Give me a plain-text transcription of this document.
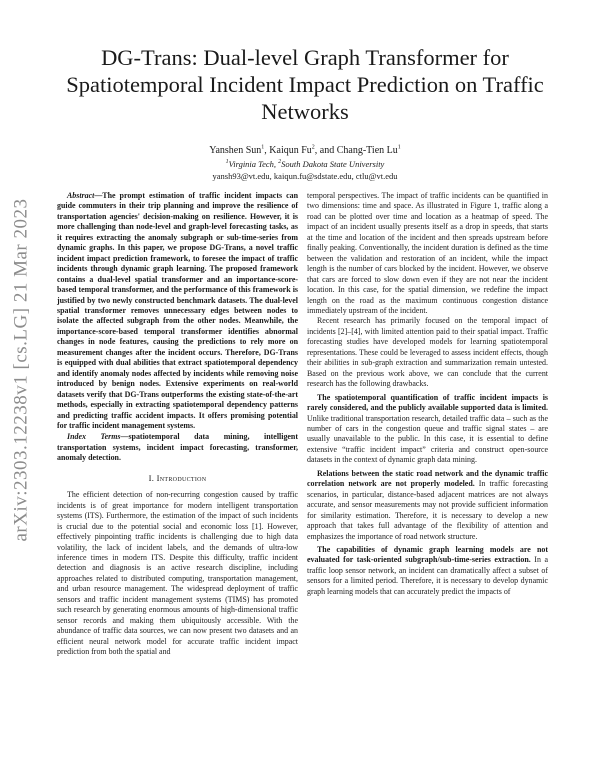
arXiv:2303.12238v1 [cs.LG] 21 Mar 2023
DG-Trans: Dual-level Graph Transformer for Spatiotemporal Incident Impact Prediction on Traffic Networks
Yanshen Sun$^1$, Kaiqun Fu$^2$, and Chang-Tien Lu$^1$
$^1$Virginia Tech, $^2$South Dakota State University
yansh93@vt.edu, kaiqun.fu@sdstate.edu, ctlu@vt.edu

Abstract—The prompt estimation of traffic incident impacts can guide commuters in their trip planning and improve the resilience of transportation agencies' decision-making on resilience. However, it is more challenging than node-level and graph-level forecasting tasks, as it requires extracting the anomaly subgraph or sub-time-series from dynamic graphs. In this paper, we propose DG-Trans, a novel traffic incident impact prediction framework, to foresee the impact of traffic incidents through dynamic graph learning. The proposed framework contains a dual-level spatial transformer and an importance-score-based temporal transformer, and the performance of this framework is justified by two newly constructed benchmark datasets. The dual-level spatial transformer removes unnecessary edges between nodes to isolate the affected subgraph from the other nodes. Meanwhile, the importance-score-based temporal transformer identifies abnormal changes in node features, causing the predictions to rely more on measurement changes after the incident occurs. Therefore, DG-Trans is equipped with dual abilities that extract spatiotemporal dependency and identify anomaly nodes affected by incidents while removing noise introduced by benign nodes. Extensive experiments on real-world datasets verify that DG-Trans outperforms the existing state-of-the-art methods, especially in extracting spatiotemporal dependency patterns and predicting traffic accident impacts. It offers promising potential for traffic incident management systems.

Index Terms—spatiotemporal data mining, intelligent transportation systems, incident impact forecasting, transformer, anomaly detection.

I. Introduction

The efficient detection of non-recurring congestion caused by traffic incidents is of great importance for modern intelligent transportation systems (ITS). Furthermore, the estimation of the impact of such incidents is crucial due to the potential social and economic loss [1]. However, effectively pinpointing traffic incidents is challenging due to high data volatility, the lack of incident labels, and the demands of ultra-low inference times in modern ITS. Despite this difficulty, traffic incident detection and diagnosis is an active research discipline, including approaches related to distributed computing, transportation management, and urban resource management. The widespread deployment of traffic sensors and traffic incident management systems (TIMS) has promoted such research by generating enormous amounts of high-dimensional traffic sensor records and making them ubiquitously accessible. With the abundance of traffic data sources, we can now present two datasets and an efficient neural network model for accurate traffic incident impact prediction from both the spatial and

temporal perspectives. The impact of traffic incidents can be quantified in two dimensions: time and space. As illustrated in Figure 1, traffic along a road can be plotted over time and location as a heatmap of speed. The impact of an incident usually presents itself as a drop in speeds, that starts at the time and location of the incident and then spreads upstream before finally peaking. Conventionally, the incident duration is defined as the time between the validation and restoration of an incident, while the impact length is the number of cars blocked by the incident. However, we observe that cars are forced to slow down even if they are not near the incident location. In this case, for the spatial dimension, we redefine the impact length on the road as the maximum continuous congestion distance immediately upstream of the incident.

Recent research has primarily focused on the temporal impact of incidents [2]–[4], with limited attention paid to their spatial impact. Traffic forecasting studies have developed models for learning spatiotemporal representations. These could be leveraged to assess incident effects, though their abilities in sub-graph extraction and summarization remain untested. Based on the previous work above, we can conclude that the current research has the following drawbacks.

The spatiotemporal quantification of traffic incident impacts is rarely considered, and the publicly available supported data is limited. Unlike traditional transportation research, detailed traffic data – such as the number of cars in the congestion queue and traffic signal states – are usually unavailable to the public. In this case, it is essential to define extensive “traffic incident impact” criteria and construct open-source datasets in the context of dynamic graph data mining.

Relations between the static road network and the dynamic traffic correlation network are not properly modeled. In traffic forecasting scenarios, in particular, distance-based adjacent matrices are not always accurate, and sensor measurements may not provide sufficient information for similarity estimation. Therefore, it is necessary to develop a new approach that takes full advantage of the flexibility of attention and emphasizes the importance of road network structure.

The capabilities of dynamic graph learning models are not evaluated for task-oriented subgraph/sub-time-series extraction. In a traffic loop sensor network, an incident can dramatically affect a subset of sensors for a limited period. Therefore, it is necessary to develop dynamic graph learning models that can accurately predict the impacts of
